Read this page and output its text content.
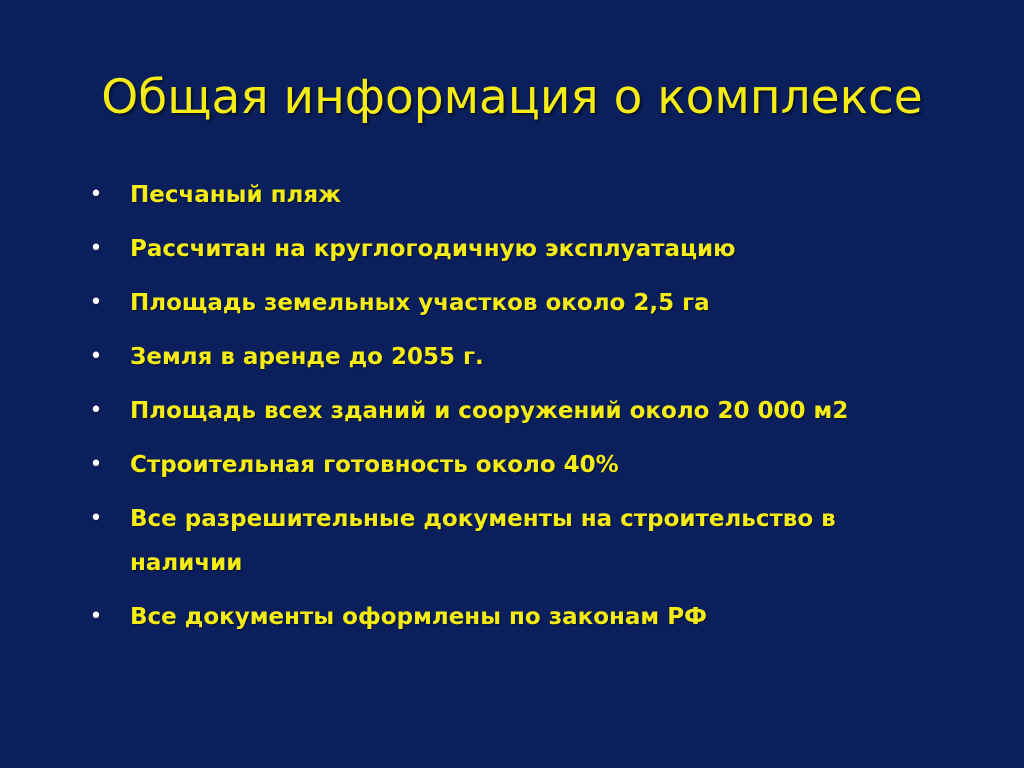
Общая информация о комплексе
• Песчаный пляж
• Рассчитан на круглогодичную эксплуатацию
• Площадь земельных участков около 2,5 га
• Земля в аренде до 2055 г.
• Площадь всех зданий и сооружений около 20 000 м2
• Строительная готовность около 40%
• Все разрешительные документы на строительство в наличии
• Все документы оформлены по законам РФ
